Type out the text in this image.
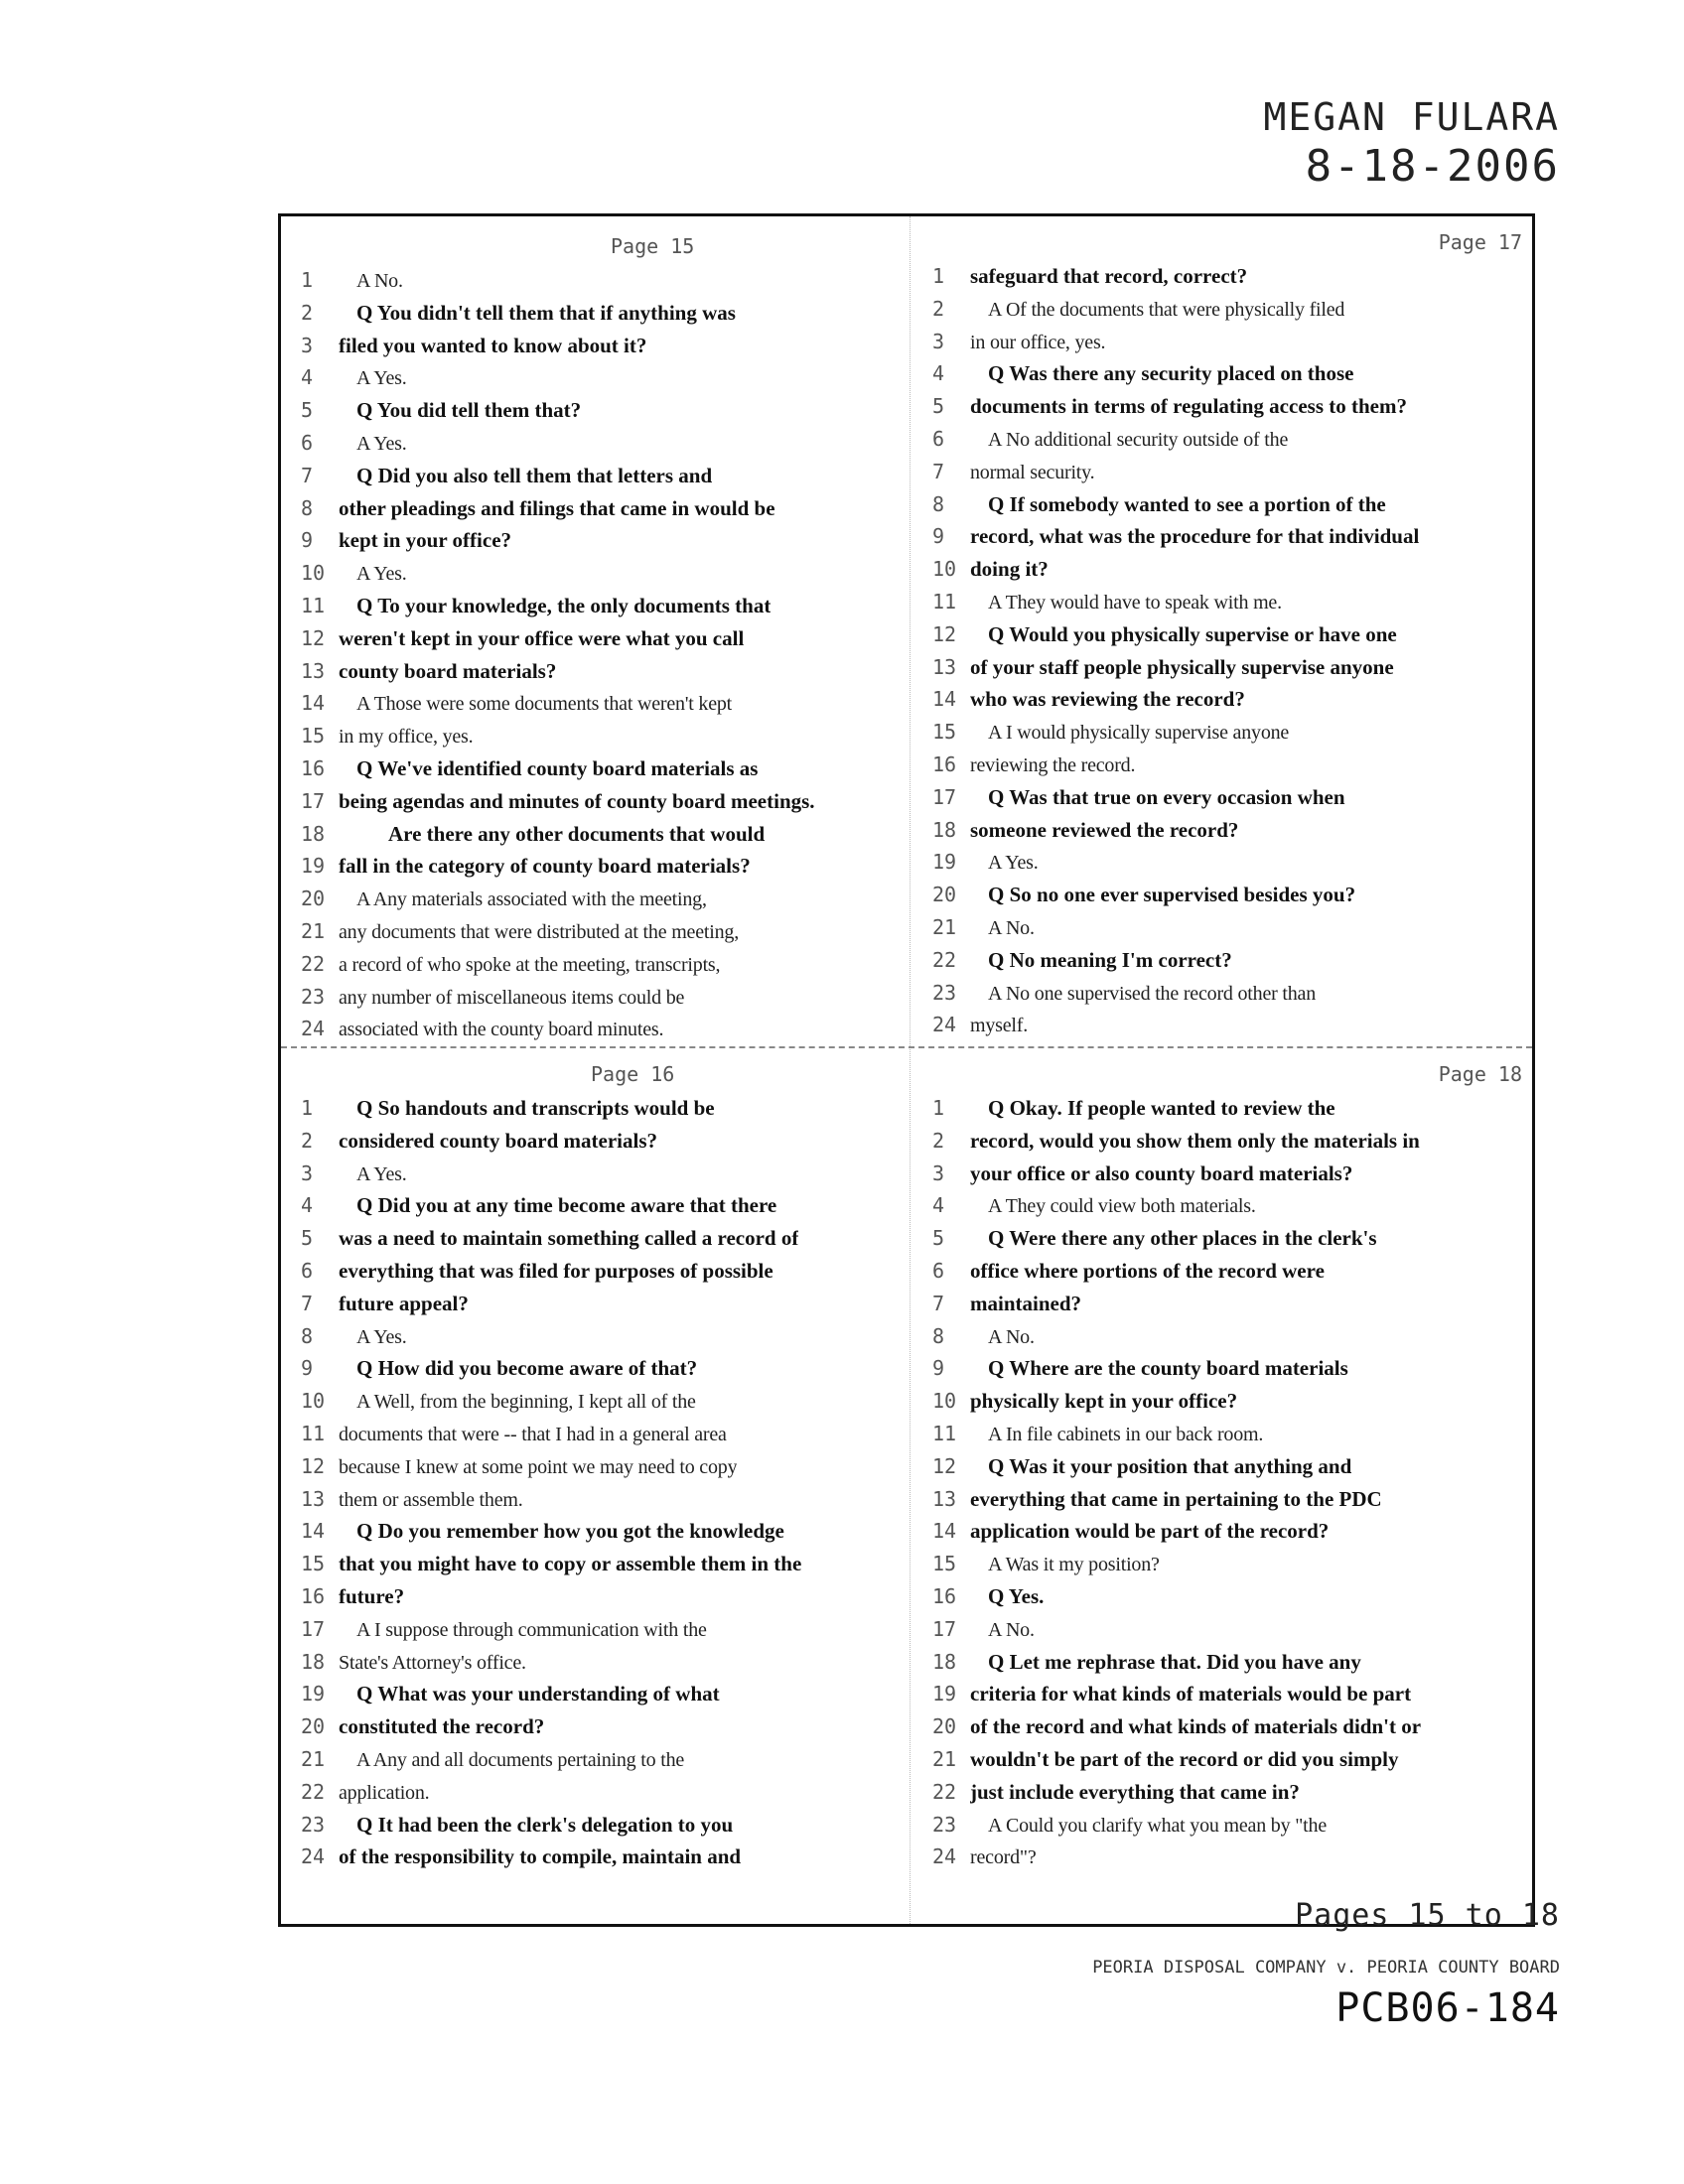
MEGAN FULARA
8-18-2006
Page 15
1	A No.
2	Q You didn't tell them that if anything was
3	filed you wanted to know about it?
4	A Yes.
5	Q You did tell them that?
6	A Yes.
7	Q Did you also tell them that letters and
8	other pleadings and filings that came in would be
9	kept in your office?
10	A Yes.
11	Q To your knowledge, the only documents that
12 weren't kept in your office were what you call
13 county board materials?
14	A Those were some documents that weren't kept
15 in my office, yes.
16	Q We've identified county board materials as
17 being agendas and minutes of county board meetings.
18	Are there any other documents that would
19 fall in the category of county board materials?
20	A Any materials associated with the meeting,
21 any documents that were distributed at the meeting,
22 a record of who spoke at the meeting, transcripts,
23 any number of miscellaneous items could be
24 associated with the county board minutes.
Page 17
1	safeguard that record, correct?
2	A Of the documents that were physically filed
3	in our office, yes.
4	Q Was there any security placed on those
5	documents in terms of regulating access to them?
6	A No additional security outside of the
7	normal security.
8	Q If somebody wanted to see a portion of the
9	record, what was the procedure for that individual
10 doing it?
11	A They would have to speak with me.
12	Q Would you physically supervise or have one
13 of your staff people physically supervise anyone
14 who was reviewing the record?
15	A I would physically supervise anyone
16 reviewing the record.
17	Q Was that true on every occasion when
18 someone reviewed the record?
19	A Yes.
20	Q So no one ever supervised besides you?
21	A No.
22	Q No meaning I'm correct?
23	A No one supervised the record other than
24 myself.
Page 16
1	Q So handouts and transcripts would be
2	considered county board materials?
3	A Yes.
4	Q Did you at any time become aware that there
5	was a need to maintain something called a record of
6	everything that was filed for purposes of possible
7	future appeal?
8	A Yes.
9	Q How did you become aware of that?
10	A Well, from the beginning, I kept all of the
11 documents that were -- that I had in a general area
12 because I knew at some point we may need to copy
13 them or assemble them.
14	Q Do you remember how you got the knowledge
15 that you might have to copy or assemble them in the
16 future?
17	A I suppose through communication with the
18 State's Attorney's office.
19	Q What was your understanding of what
20 constituted the record?
21	A Any and all documents pertaining to the
22 application.
23	Q It had been the clerk's delegation to you
24 of the responsibility to compile, maintain and
Page 18
1	Q Okay. If people wanted to review the
2	record, would you show them only the materials in
3	your office or also county board materials?
4	A They could view both materials.
5	Q Were there any other places in the clerk's
6	office where portions of the record were
7	maintained?
8	A No.
9	Q Where are the county board materials
10 physically kept in your office?
11	A In file cabinets in our back room.
12	Q Was it your position that anything and
13 everything that came in pertaining to the PDC
14 application would be part of the record?
15	A Was it my position?
16	Q Yes.
17	A No.
18	Q Let me rephrase that. Did you have any
19 criteria for what kinds of materials would be part
20 of the record and what kinds of materials didn't or
21 wouldn't be part of the record or did you simply
22 just include everything that came in?
23	A Could you clarify what you mean by "the
24 record"?
Pages 15 to 18
PEORIA DISPOSAL COMPANY v. PEORIA COUNTY BOARD
PCB06-184
